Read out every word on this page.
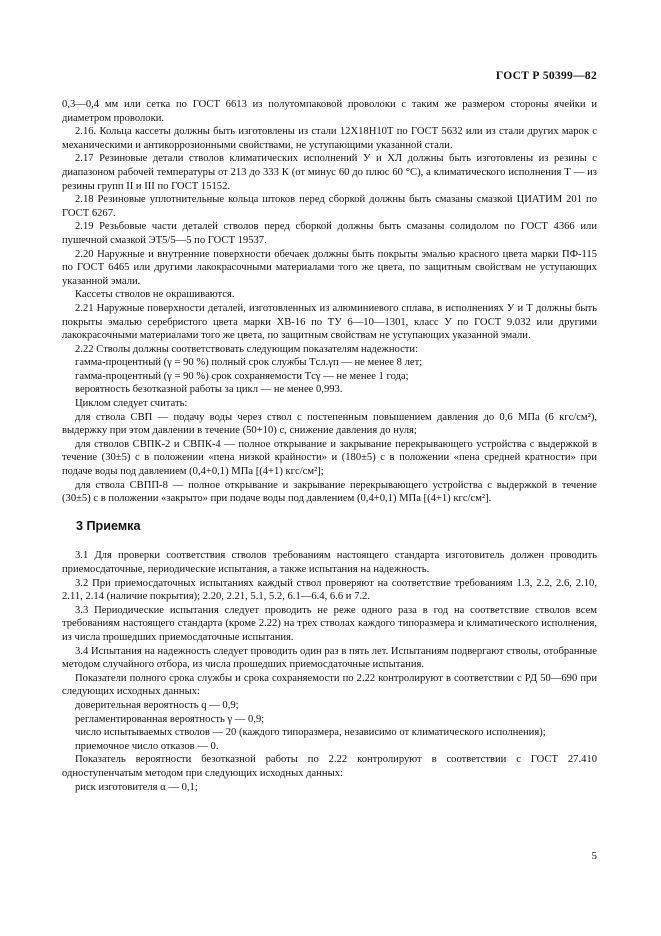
ГОСТ Р 50399—82

0,3—0,4 мм или сетка по ГОСТ 6613 из полутомпаковой проволоки с таким же размером стороны ячейки и диаметром проволоки.

2.16. Кольца кассеты должны быть изготовлены из стали 12Х18Н10Т по ГОСТ 5632 или из стали других марок с механическими и антикоррозионными свойствами, не уступающими указанной стали.

2.17 Резиновые детали стволов климатических исполнений У и ХЛ должны быть изготовлены из резины с диапазоном рабочей температуры от 213 до 333 К (от минус 60 до плюс 60 °С), а климатического исполнения Т — из резины групп II и III по ГОСТ 15152.

2.18 Резиновые уплотнительные кольца штоков перед сборкой должны быть смазаны смазкой ЦИАТИМ 201 по ГОСТ 6267.

2.19 Резьбовые части деталей стволов перед сборкой должны быть смазаны солидолом по ГОСТ 4366 или пушечной смазкой ЭТ5/5—5 по ГОСТ 19537.

2.20 Наружные и внутренние поверхности обечаек должны быть покрыты эмалью красного цвета марки ПФ-115 по ГОСТ 6465 или другими лакокрасочными материалами того же цвета, по защитным свойствам не уступающих указанной эмали.

Кассеты стволов не окрашиваются.

2.21 Наружные поверхности деталей, изготовленных из алюминиевого сплава, в исполнениях У и Т должны быть покрыты эмалью серебристого цвета марки ХВ-16 по ТУ 6—10—1301, класс У по ГОСТ 9.032 или другими лакокрасочными материалами того же цвета, по защитным свойствам не уступающих указанной эмали.

2.22 Стволы должны соответствовать следующим показателям надежности:

гамма-процентный (γ = 90 %) полный срок службы Tсл.γп — не менее 8 лет;

гамма-процентный (γ = 90 %) срок сохраняемости Tсγ — не менее 1 года;

вероятность безотказной работы за цикл — не менее 0,993.

Циклом следует считать:

для ствола СВП — подачу воды через ствол с постепенным повышением давления до 0,6 МПа (6 кгс/см²), выдержку при этом давлении в течение (50+10) с, снижение давления до нуля;

для стволов СВПК-2 и СВПК-4 — полное открывание и закрывание перекрывающего устройства с выдержкой в течение (30±5) с в положении «пена низкой крайности» и (180±5) с в положении «пена средней кратности» при подаче воды под давлением (0,4+0,1) МПа [(4+1) кгс/см²];

для ствола СВПП-8 — полное открывание и закрывание перекрывающего устройства с выдержкой в течение (30±5) с в положении «закрыто» при подаче воды под давлением (0,4+0,1) МПа [(4+1) кгс/см²].

3 Приемка

3.1 Для проверки соответствия стволов требованиям настоящего стандарта изготовитель должен проводить приемосдаточные, периодические испытания, а также испытания на надежность.

3.2 При приемосдаточных испытаниях каждый ствол проверяют на соответствие требованиям 1.3, 2.2, 2.6, 2.10, 2.11, 2.14 (наличие покрытия); 2.20, 2.21, 5.1, 5.2, 6.1—6.4, 6.6 и 7.2.

3.3 Периодические испытания следует проводить не реже одного раза в год на соответствие стволов всем требованиям настоящего стандарта (кроме 2.22) на трех стволах каждого типоразмера и климатического исполнения, из числа прошедших приемосдаточные испытания.

3.4 Испытания на надежность следует проводить один раз в пять лет. Испытаниям подвергают стволы, отобранные методом случайного отбора, из числа прошедших приемосдаточные испытания.

Показатели полного срока службы и срока сохраняемости по 2.22 контролируют в соответствии с РД 50—690 при следующих исходных данных:

доверительная вероятность q — 0,9;

регламентированная вероятность γ — 0,9;

число испытываемых стволов — 20 (каждого типоразмера, независимо от климатического исполнения);

приемочное число отказов — 0.

Показатель вероятности безотказной работы по 2.22 контролируют в соответствии с ГОСТ 27.410 одноступенчатым методом при следующих исходных данных:

риск изготовителя α — 0,1;

5
